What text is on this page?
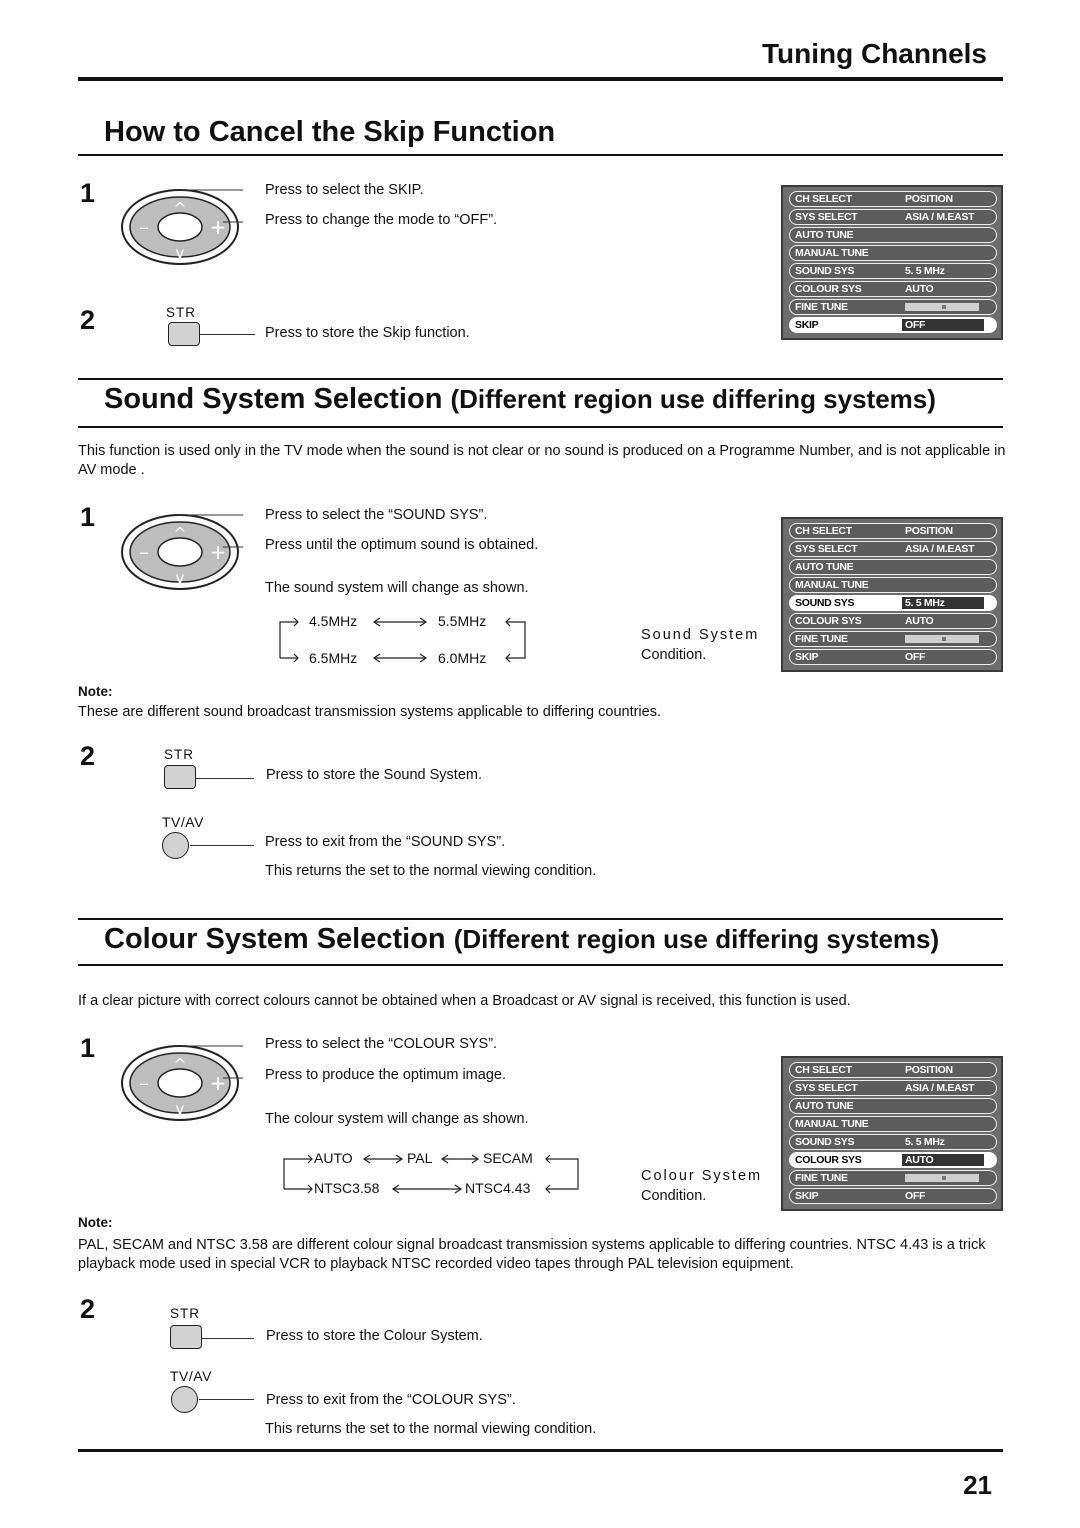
Tuning Channels
How to Cancel the Skip Function
1
^
v
–	+
Press to select the SKIP.
Press to change the mode to “OFF”.
2	STR
Press to store the Skip function.
CH SELECT	POSITION
SYS SELECT	ASIA / M.EAST
AUTO TUNE
MANUAL TUNE
SOUND SYS	5. 5 MHz
COLOUR SYS	AUTO
FINE TUNE
SKIP	OFF
Sound System Selection (Different region use differing systems)
This function is used only in the TV mode when the sound is not clear or no sound is produced on a Programme Number, and is not applicable in AV mode .
1
^
v
–	+
Press to select the “SOUND SYS”.
Press until the optimum sound is obtained.
The sound system will change as shown.
4.5MHz	5.5MHz
6.5MHz	6.0MHz
Sound System
Condition.
CH SELECT	POSITION
SYS SELECT	ASIA / M.EAST
AUTO TUNE
MANUAL TUNE
SOUND SYS	5. 5 MHz
COLOUR SYS	AUTO
FINE TUNE
SKIP	OFF
Note:
These are different sound broadcast transmission systems applicable to differing countries.
2	STR
Press to store the Sound System.
TV/AV
Press to exit from the “SOUND SYS”.
This returns the set to the normal viewing condition.
Colour System Selection (Different region use differing systems)
If a clear picture with correct colours cannot be obtained when a Broadcast or AV signal is received, this function is used.
1
^
v
–	+
Press to select the “COLOUR SYS”.
Press to produce the optimum image.
The colour system will change as shown.
AUTO	PAL	SECAM
NTSC3.58	NTSC4.43
Colour System
Condition.
CH SELECT	POSITION
SYS SELECT	ASIA / M.EAST
AUTO TUNE
MANUAL TUNE
SOUND SYS	5. 5 MHz
COLOUR SYS	AUTO
FINE TUNE
SKIP	OFF
Note:
PAL, SECAM and NTSC 3.58 are different colour signal broadcast transmission systems applicable to differing countries. NTSC 4.43 is a trick playback mode used in special VCR to playback NTSC recorded video tapes through PAL television equipment.
2	STR
Press to store the Colour System.
TV/AV
Press to exit from the “COLOUR SYS”.
This returns the set to the normal viewing condition.
21
